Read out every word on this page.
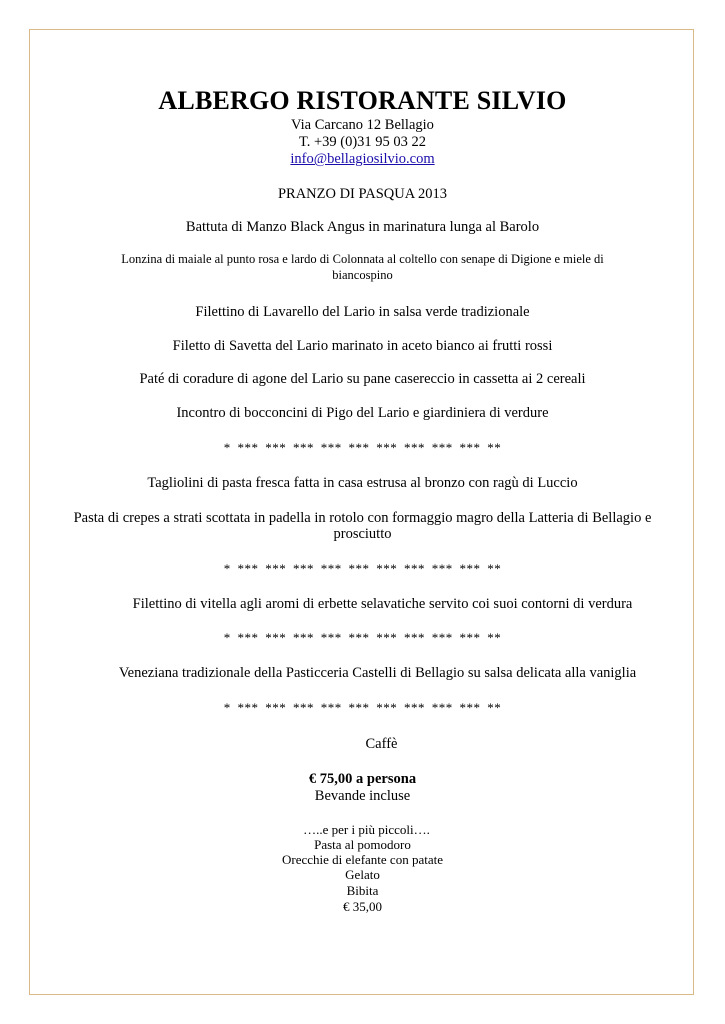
ALBERGO RISTORANTE SILVIO
Via Carcano 12 Bellagio
T. +39 (0)31 95 03 22
info@bellagiosilvio.com
PRANZO DI PASQUA 2013
Battuta di Manzo Black Angus in marinatura lunga al Barolo
Lonzina di maiale al punto rosa e lardo di Colonnata al coltello con senape di Digione e miele di
biancospino
Filettino di Lavarello del Lario in salsa verde tradizionale
Filetto di Savetta del Lario marinato in aceto bianco ai frutti rossi
Paté di coradure di agone del Lario su pane casereccio in cassetta ai 2 cereali
Incontro di bocconcini di Pigo del Lario e giardiniera di verdure
* *** *** *** *** *** *** *** *** *** **
Tagliolini di pasta fresca fatta in casa estrusa al bronzo con ragù di Luccio
Pasta di crepes a strati scottata in padella in rotolo con formaggio magro della Latteria di Bellagio e
prosciutto
* *** *** *** *** *** *** *** *** *** **
Filettino di vitella agli aromi di erbette selavatiche servito coi suoi contorni di verdura
* *** *** *** *** *** *** *** *** *** **
Veneziana tradizionale della Pasticceria Castelli di Bellagio su salsa delicata alla vaniglia
* *** *** *** *** *** *** *** *** *** **
Caffè
€ 75,00 a persona
Bevande incluse
…..e per i più piccoli….
Pasta al pomodoro
Orecchie di elefante con patate
Gelato
Bibita
€ 35,00
